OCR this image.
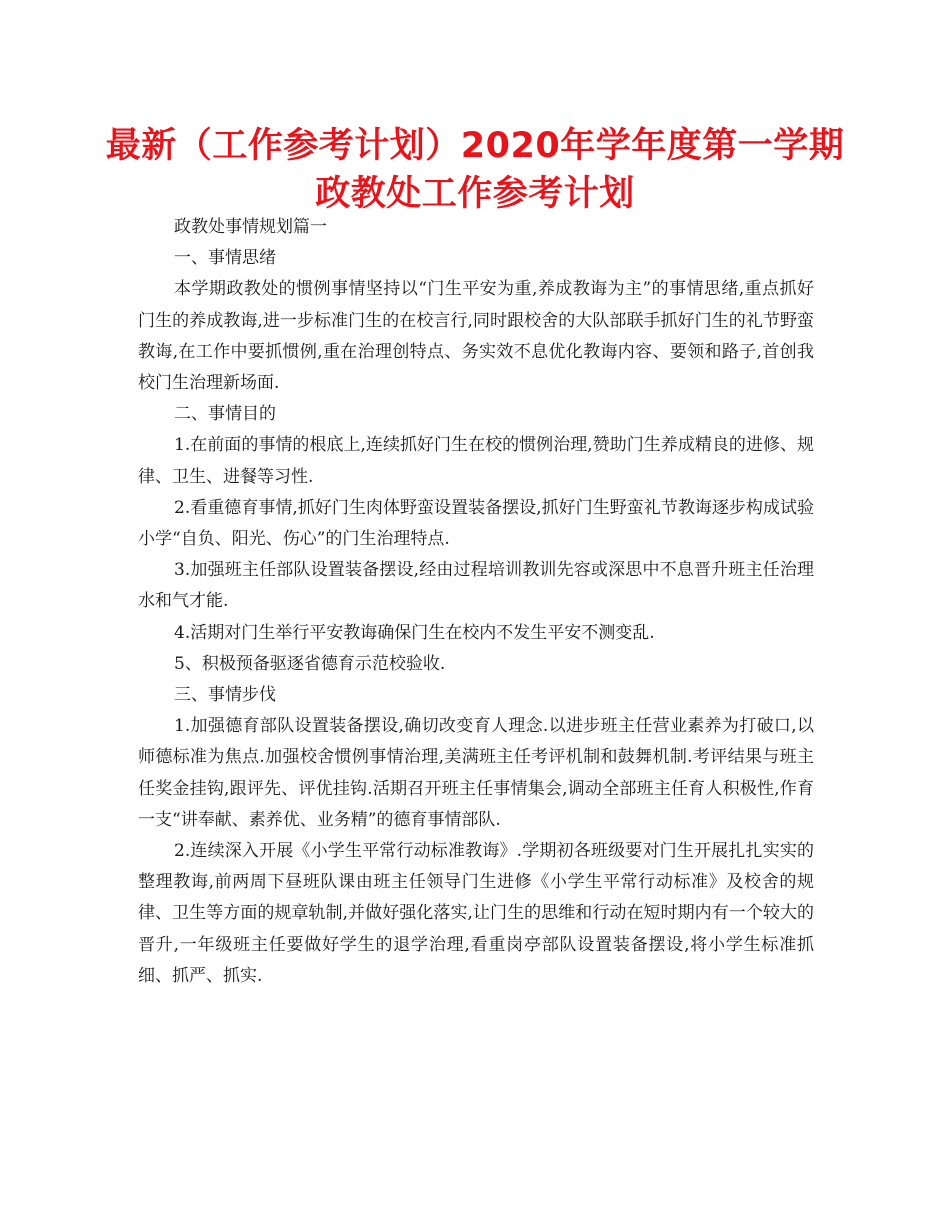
最新（工作参考计划）2020年学年度第一学期政教处工作参考计划

政教处事情规划篇一

一、事情思绪

本学期政教处的惯例事情坚持以“门生平安为重,养成教诲为主”的事情思绪,重点抓好门生的养成教诲,进一步标准门生的在校言行,同时跟校舍的大队部联手抓好门生的礼节野蛮教诲,在工作中要抓惯例,重在治理创特点、务实效不息优化教诲内容、要领和路子,首创我校门生治理新场面.

二、事情目的

1.在前面的事情的根底上,连续抓好门生在校的惯例治理,赞助门生养成精良的进修、规律、卫生、进餐等习性.

2.看重德育事情,抓好门生肉体野蛮设置装备摆设,抓好门生野蛮礼节教诲逐步构成试验小学“自负、阳光、伤心”的门生治理特点.

3.加强班主任部队设置装备摆设,经由过程培训教训先容或深思中不息晋升班主任治理水和气才能.

4.活期对门生举行平安教诲确保门生在校内不发生平安不测变乱.

5、积极预备驱逐省德育示范校验收.

三、事情步伐

1.加强德育部队设置装备摆设,确切改变育人理念.以进步班主任营业素养为打破口,以师德标准为焦点.加强校舍惯例事情治理,美满班主任考评机制和鼓舞机制.考评结果与班主任奖金挂钩,跟评先、评优挂钩.活期召开班主任事情集会,调动全部班主任育人积极性,作育一支“讲奉献、素养优、业务精”的德育事情部队.

2.连续深入开展《小学生平常行动标准教诲》.学期初各班级要对门生开展扎扎实实的整理教诲,前两周下昼班队课由班主任领导门生进修《小学生平常行动标准》及校舍的规律、卫生等方面的规章轨制,并做好强化落实,让门生的思维和行动在短时期内有一个较大的晋升,一年级班主任要做好学生的退学治理,看重岗亭部队设置装备摆设,将小学生标准抓细、抓严、抓实.
